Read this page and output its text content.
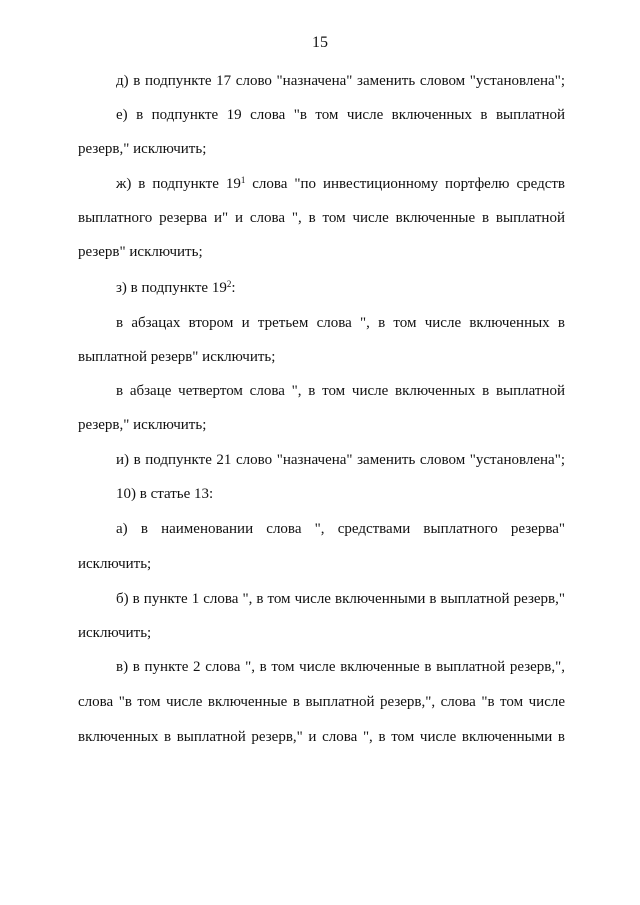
15
д) в подпункте 17 слово "назначена" заменить словом "установлена";
е) в подпункте 19 слова "в том числе включенных в выплатной
резерв," исключить;
ж) в подпункте $19^1$ слова "по инвестиционному портфелю средств
выплатного резерва и" и слова ", в том числе включенные в выплатной
резерв" исключить;
з) в подпункте $19^2$:
в абзацах втором и третьем слова ", в том числе включенных в
выплатной резерв" исключить;
в абзаце четвертом слова ", в том числе включенных в выплатной
резерв," исключить;
и) в подпункте 21 слово "назначена" заменить словом "установлена";
10) в статье 13:
а) в наименовании слова ", средствами выплатного резерва"
исключить;
б) в пункте 1 слова ", в том числе включенными в выплатной резерв,"
исключить;
в) в пункте 2 слова ", в том числе включенные в выплатной резерв,",
слова "в том числе включенные в выплатной резерв,", слова "в том числе
включенных в выплатной резерв," и слова ", в том числе включенными в
